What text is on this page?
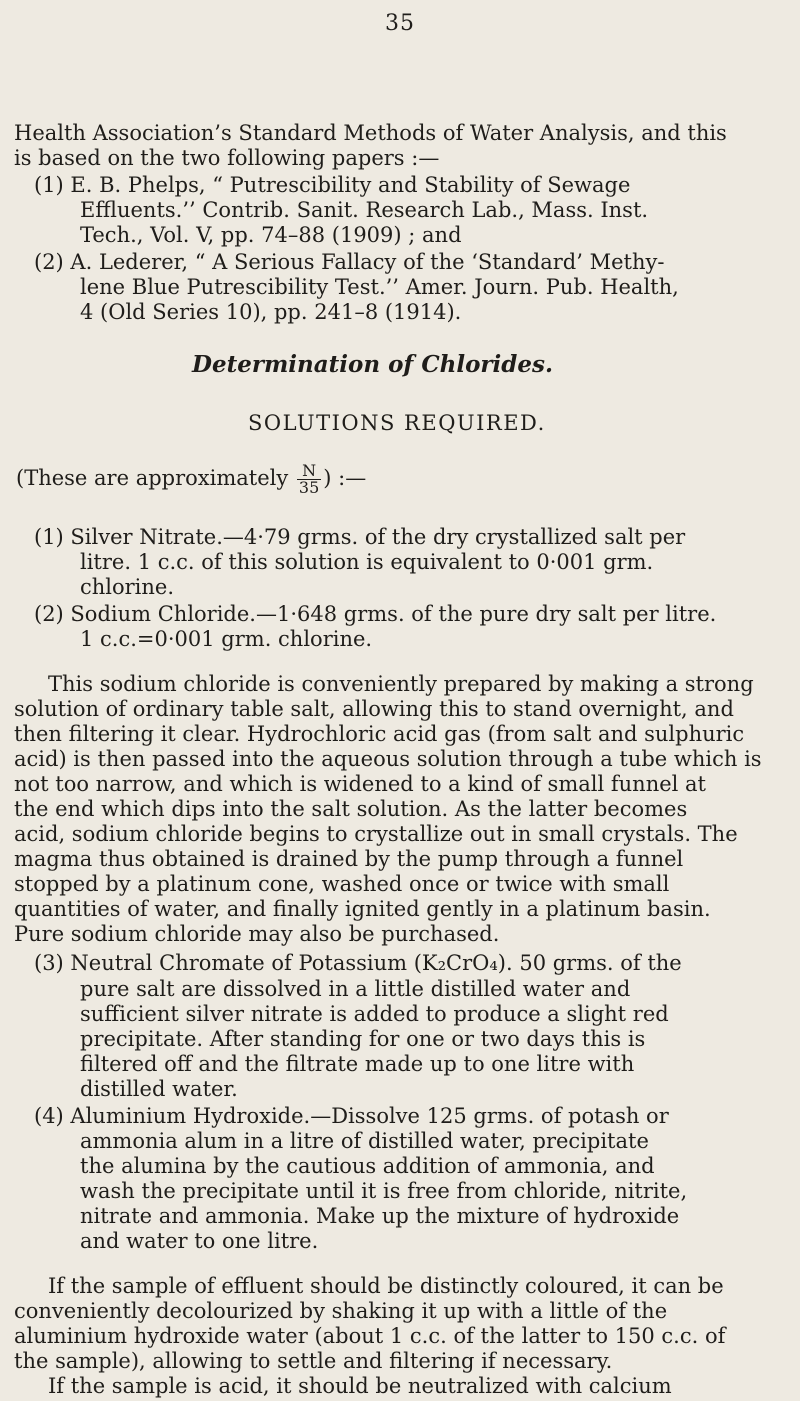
35
Health Association’s Standard Methods of Water Analysis, and this
is based on the two following papers :—
(1) E. B. Phelps, “ Putrescibility and Stability of Sewage
Effluents.’’ Contrib. Sanit. Research Lab., Mass. Inst.
Tech., Vol. V, pp. 74–88 (1909) ; and
(2) A. Lederer, “ A Serious Fallacy of the ‘Standard’ Methy-
lene Blue Putrescibility Test.’’ Amer. Journ. Pub. Health,
4 (Old Series 10), pp. 241–8 (1914).
Determination of Chlorides.
SOLUTIONS REQUIRED.
(These are approximately $\frac{N}{35}$ ) :—
(1) Silver Nitrate.—4·79 grms. of the dry crystallized salt per
litre. 1 c.c. of this solution is equivalent to 0·001 grm.
chlorine.
(2) Sodium Chloride.—1·648 grms. of the pure dry salt per litre.
1 c.c.=0·001 grm. chlorine.
This sodium chloride is conveniently prepared by making a strong
solution of ordinary table salt, allowing this to stand overnight, and
then filtering it clear. Hydrochloric acid gas (from salt and sulphuric
acid) is then passed into the aqueous solution through a tube which is
not too narrow, and which is widened to a kind of small funnel at
the end which dips into the salt solution. As the latter becomes
acid, sodium chloride begins to crystallize out in small crystals. The
magma thus obtained is drained by the pump through a funnel
stopped by a platinum cone, washed once or twice with small
quantities of water, and finally ignited gently in a platinum basin.
Pure sodium chloride may also be purchased.
(3) Neutral Chromate of Potassium (K₂CrO₄). 50 grms. of the
pure salt are dissolved in a little distilled water and
sufficient silver nitrate is added to produce a slight red
precipitate. After standing for one or two days this is
filtered off and the filtrate made up to one litre with
distilled water.
(4) Aluminium Hydroxide.—Dissolve 125 grms. of potash or
ammonia alum in a litre of distilled water, precipitate
the alumina by the cautious addition of ammonia, and
wash the precipitate until it is free from chloride, nitrite,
nitrate and ammonia. Make up the mixture of hydroxide
and water to one litre.
If the sample of effluent should be distinctly coloured, it can be
conveniently decolourized by shaking it up with a little of the
aluminium hydroxide water (about 1 c.c. of the latter to 150 c.c. of
the sample), allowing to settle and filtering if necessary.
If the sample is acid, it should be neutralized with calcium
